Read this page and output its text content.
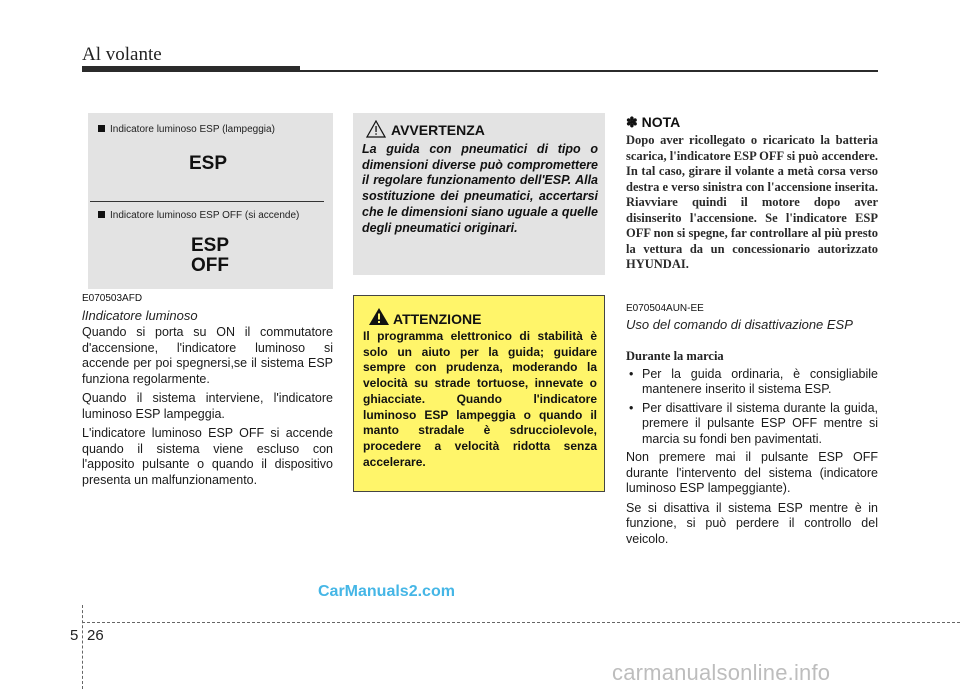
Al volante
Indicatore luminoso ESP (lampeggia)
ESP
Indicatore luminoso ESP OFF (si accende)
ESP
OFF
E070503AFD
lIndicatore luminoso

Quando si porta su ON il commutatore d'accensione, l'indicatore luminoso si accende per poi spegnersi,se il sistema ESP funziona regolarmente.

Quando il sistema interviene, l'indicatore luminoso ESP lampeggia.

L'indicatore luminoso ESP OFF si accende quando il sistema viene escluso con l'apposito pulsante o quando il dispositivo presenta un malfunzionamento.

AVVERTENZA
La guida con pneumatici di tipo o dimensioni diverse può compromettere il regolare funzionamento dell'ESP. Alla sostituzione dei pneumatici, accertarsi che le dimensioni siano uguale a quelle degli pneumatici originari.
ATTENZIONE
Il programma elettronico di stabilità è solo un aiuto per la guida; guidare sempre con prudenza, moderando la velocità su strade tortuose, innevate o ghiacciate. Quando l'indicatore luminoso ESP lampeggia o quando il manto stradale è sdrucciolevole, procedere a velocità ridotta senza accelerare.
✽ NOTA
Dopo aver ricollegato o ricaricato la batteria scarica, l'indicatore ESP OFF si può accendere. In tal caso, girare il volante a metà corsa verso destra e verso sinistra con l'accensione inserita. Riavviare quindi il motore dopo aver disinserito l'accensione. Se l'indicatore ESP OFF non si spegne, far controllare al più presto la vettura da un concessionario autorizzato HYUNDAI.
E070504AUN-EE
Uso del comando di disattivazione ESP
Durante la marcia
• Per la guida ordinaria, è consigliabile mantenere inserito il sistema ESP.
• Per disattivare il sistema durante la guida, premere il pulsante ESP OFF mentre si marcia su fondi ben pavimentati.

Non premere mai il pulsante ESP OFF durante l'intervento del sistema (indicatore luminoso ESP lampeggiante).

Se si disattiva il sistema ESP mentre è in funzione, si può perdere il controllo del veicolo.

CarManuals2.com
5 26
carmanualsonline.info
